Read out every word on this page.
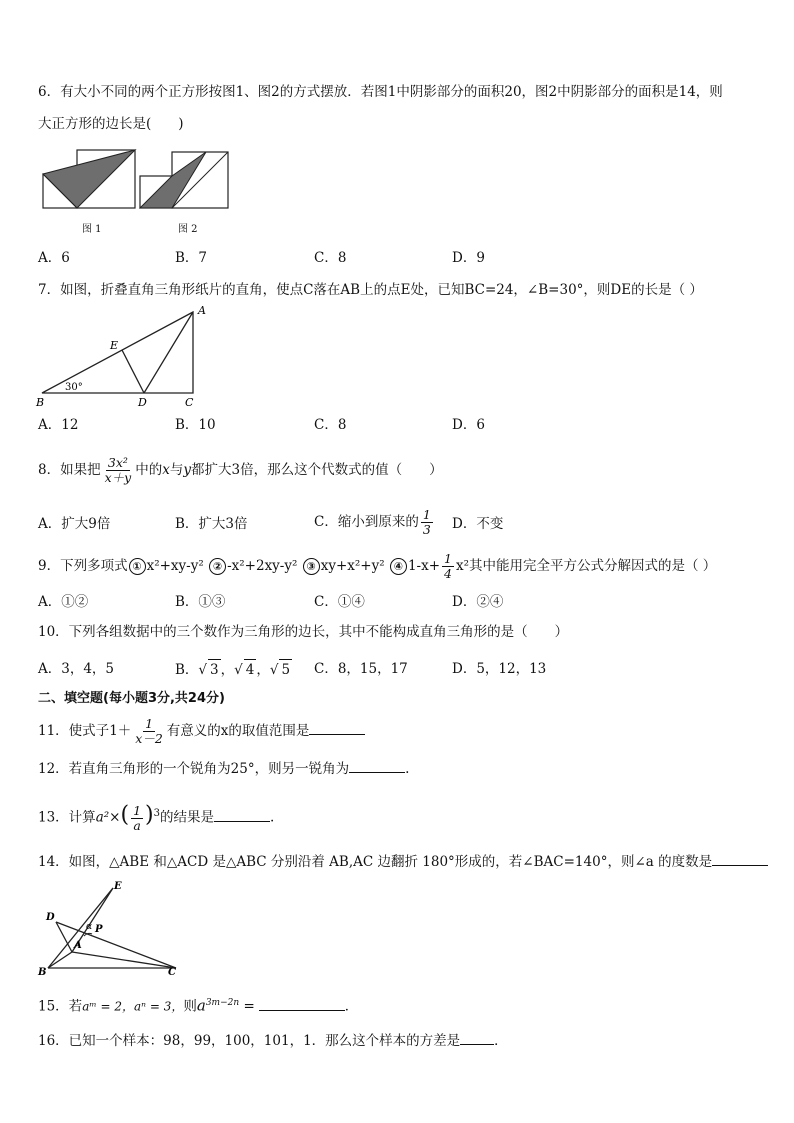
6．有大小不同的两个正方形按图1、图2的方式摆放．若图1中阴影部分的面积20，图2中阴影部分的面积是14，则
大正方形的边长是(　　)
图 1	图 2
A．6	B．7	C．8	D．9
7．如图，折叠直角三角形纸片的直角，使点C落在AB上的点E处，已知BC=24，∠B=30°，则DE的长是（ ）
A
B	C
D
E
30°
A．12	B．10	C．8	D．6
8．如果把 $\frac{\text{3x²}}{x+y}$ 中的x与y都扩大3倍，那么这个代数式的值（　　）
A．扩大9倍	B．扩大3倍	C．缩小到原来的 $\frac{1}{3}$ D．不变
9．下列多项式 ① x²+xy-y² ② -x²+2xy-y² ③ xy+x²+y² ④ $1-x+ \frac{1}{4} x^2$其中能用完全平方公式分解因式的是（ ）
A．①②	B．①③	C．①④	D．②④
10．下列各组数据中的三个数作为三角形的边长，其中不能构成直角三角形的是（　　）
A．3，4，5	B．√ 3 ，√ 4 ，√ 5 C．8，15，17	D．5，12，13
二、填空题(每小题3分,共24分)
11．使式子$1+ \frac{1}{x-2}$ 有意义的x的取值范围是
12．若直角三角形的一个锐角为25°，则另一锐角为	.
13．计算$a^2\times( \frac{1}{a} )^3$的结果是	.
14．如图，△ABE 和△ACD 是△ABC 分别沿着 AB,AC 边翻折 180°形成的，若∠BAC=140°，则∠a 的度数是
E
D
α P
A
B	C
15．若aᵐ = 2，aⁿ = 3，则$a^{3m-2n}$ =	．
16．已知一个样本：98，99，100，101，1．那么这个样本的方差是	．
